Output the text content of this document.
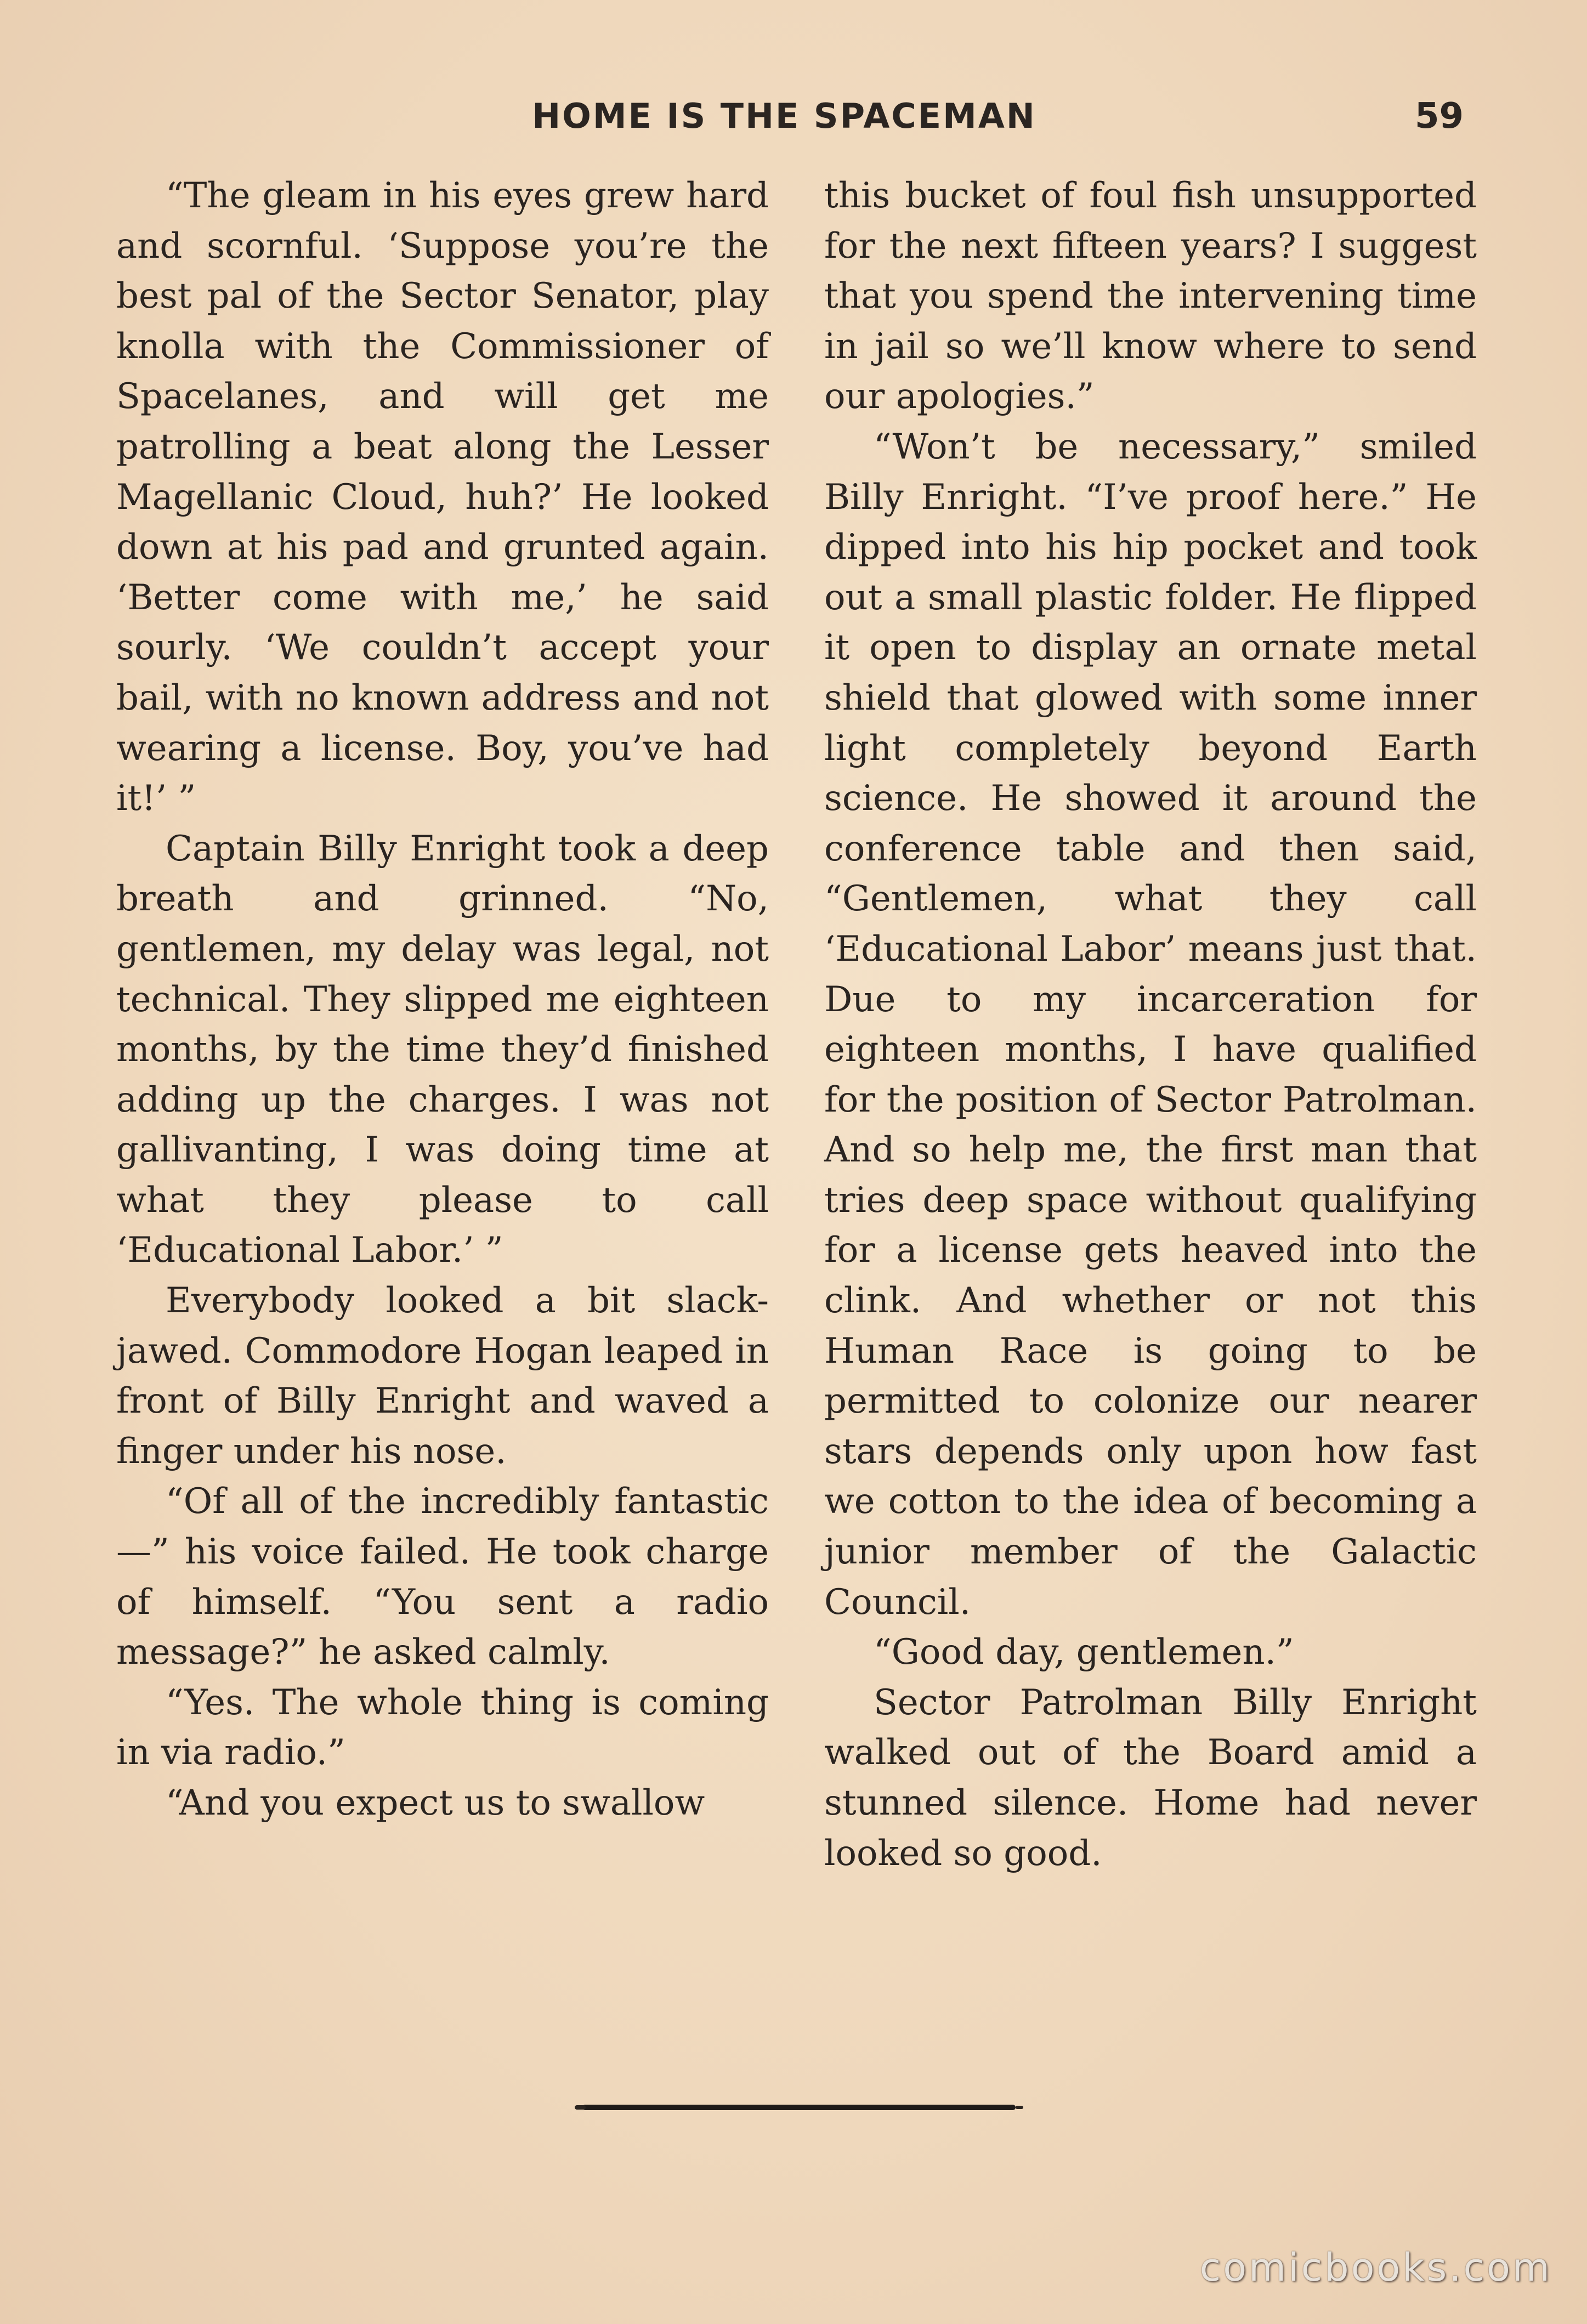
HOME IS THE SPACEMAN	59

“The gleam in his eyes grew hard and scornful. ‘Suppose you’re the best pal of the Sector Senator, play knolla with the Commissioner of Spacelanes, and will get me patrolling a beat along the Lesser Magellanic Cloud, huh?’ He looked down at his pad and grunted again. ‘Better come with me,’ he said sourly. ‘We couldn’t accept your bail, with no known address and not wearing a license. Boy, you’ve had it!’ ”

Captain Billy Enright took a deep breath and grinned. “No, gentlemen, my delay was legal, not technical. They slipped me eighteen months, by the time they’d finished adding up the charges. I was not gallivanting, I was doing time at what they please to call ‘Educational Labor.’ ”

Everybody looked a bit slack-jawed. Commodore Hogan leaped in front of Billy Enright and waved a finger under his nose.

“Of all of the incredibly fantastic—” his voice failed. He took charge of himself. “You sent a radio message?” he asked calmly.

“Yes. The whole thing is coming in via radio.”

“And you expect us to swallow

this bucket of foul fish unsupported for the next fifteen years? I suggest that you spend the intervening time in jail so we’ll know where to send our apologies.”

“Won’t be necessary,” smiled Billy Enright. “I’ve proof here.” He dipped into his hip pocket and took out a small plastic folder. He flipped it open to display an ornate metal shield that glowed with some inner light completely beyond Earth science. He showed it around the conference table and then said, “Gentlemen, what they call ‘Educational Labor’ means just that. Due to my incarceration for eighteen months, I have qualified for the position of Sector Patrolman. And so help me, the first man that tries deep space without qualifying for a license gets heaved into the clink. And whether or not this Human Race is going to be permitted to colonize our nearer stars depends only upon how fast we cotton to the idea of becoming a junior member of the Galactic Council.

“Good day, gentlemen.”

Sector Patrolman Billy Enright walked out of the Board amid a stunned silence. Home had never looked so good.

comicbooks.com
